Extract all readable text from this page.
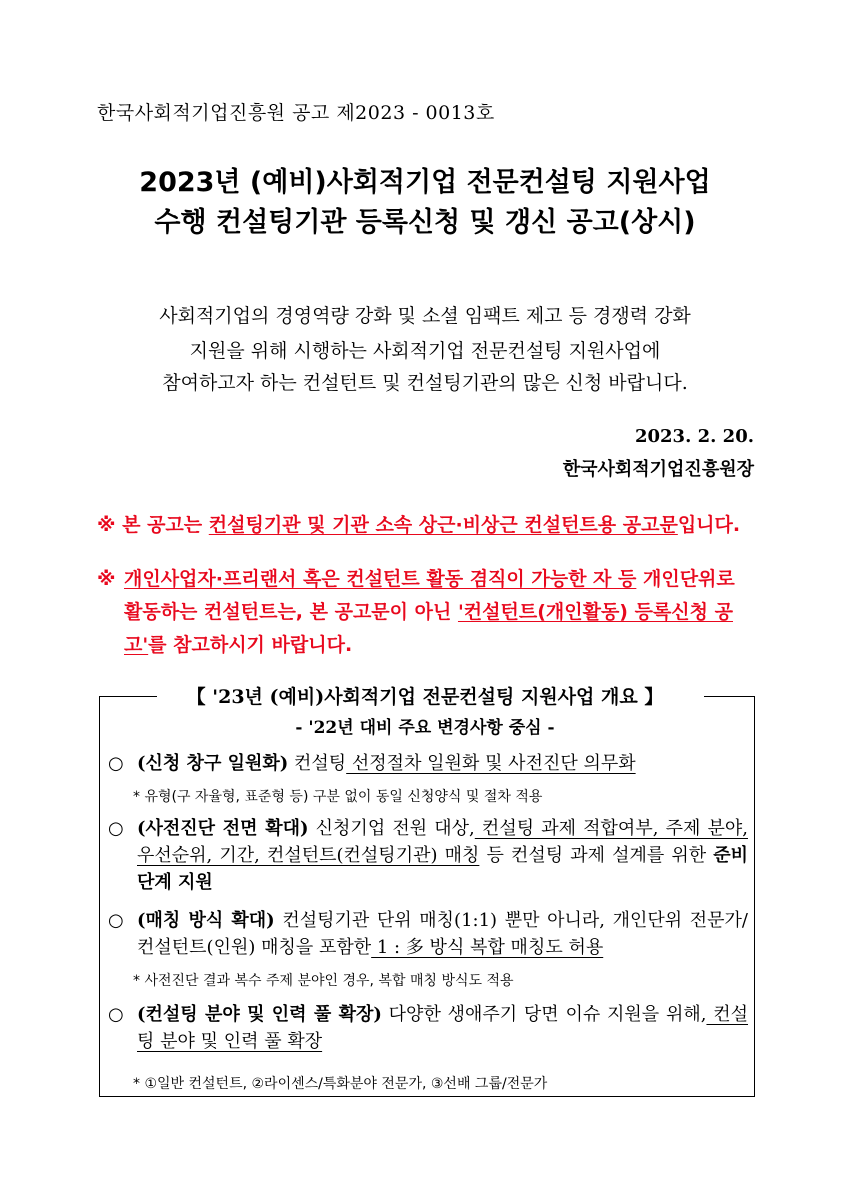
한국사회적기업진흥원 공고 제2023 - 0013호
2023년 (예비)사회적기업 전문컨설팅 지원사업
수행 컨설팅기관 등록신청 및 갱신 공고(상시)
사회적기업의 경영역량 강화 및 소셜 임팩트 제고 등 경쟁력 강화
지원을 위해 시행하는 사회적기업 전문컨설팅 지원사업에
참여하고자 하는 컨설턴트 및 컨설팅기관의 많은 신청 바랍니다.
2023. 2. 20.
한국사회적기업진흥원장
※ 본 공고는 컨설팅기관 및 기관 소속 상근·비상근 컨설턴트용 공고문입니다.
※ 개인사업자·프리랜서 혹은 컨설턴트 활동 겸직이 가능한 자 등 개인단위로 활동하는 컨설턴트는, 본 공고문이 아닌 '컨설턴트(개인활동) 등록신청 공고'를 참고하시기 바랍니다.
【 '23년 (예비)사회적기업 전문컨설팅 지원사업 개요 】
- '22년 대비 주요 변경사항 중심 -
○ (신청 창구 일원화) 컨설팅 선정절차 일원화 및 사전진단 의무화
* 유형(구 자율형, 표준형 등) 구분 없이 동일 신청양식 및 절차 적용
○ (사전진단 전면 확대) 신청기업 전원 대상, 컨설팅 과제 적합여부, 주제 분야, 우선순위, 기간, 컨설턴트(컨설팅기관) 매칭 등 컨설팅 과제 설계를 위한 준비단계 지원
○ (매칭 방식 확대) 컨설팅기관 단위 매칭(1:1) 뿐만 아니라, 개인단위 전문가/컨설턴트(인원) 매칭을 포함한 1 : 多 방식 복합 매칭도 허용
* 사전진단 결과 복수 주제 분야인 경우, 복합 매칭 방식도 적용
○ (컨설팅 분야 및 인력 풀 확장) 다양한 생애주기 당면 이슈 지원을 위해, 컨설팅 분야 및 인력 풀 확장
* ①일반 컨설턴트, ②라이센스/특화분야 전문가, ③선배 그룹/전문가
